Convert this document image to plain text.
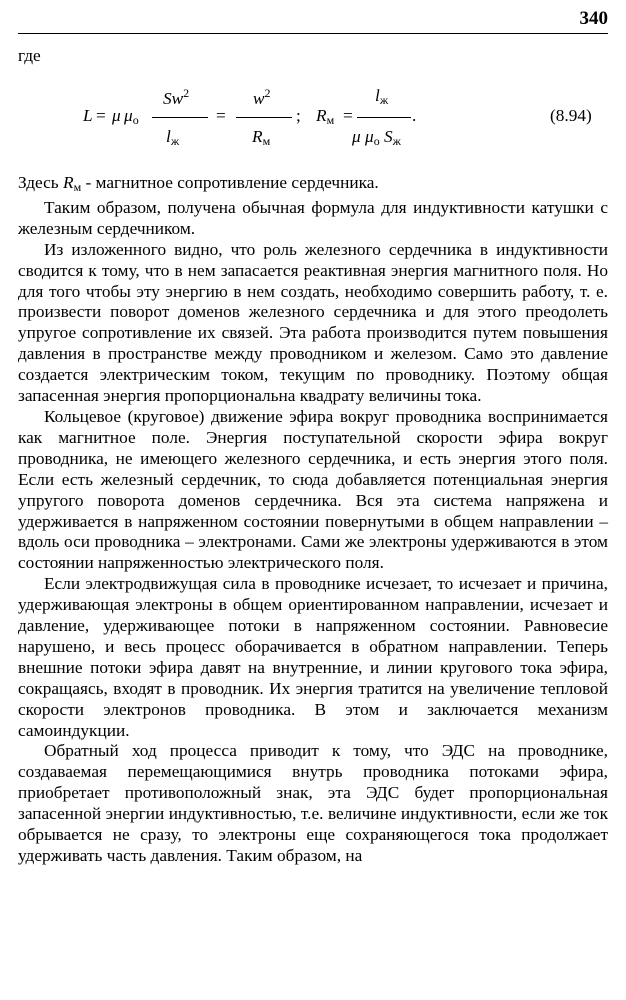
340
где
L = μ $\mu_о$
Sw$^2$
$l_ж$
=
$w^2$
$R_м$
; $R_м$ =
$l_ж$
μ $\mu_о$ $S_ж$
.	(8.94)

Здесь $R_м$ - магнитное сопротивление сердечника.

Таким образом, получена обычная формула для индуктивности катушки с железным сердечником.

Из изложенного видно, что роль железного сердечника в индуктивности сводится к тому, что в нем запасается реактивная энергия магнитного поля. Но для того чтобы эту энергию в нем создать, необходимо совершить работу, т. е. произвести поворот доменов железного сердечника и для этого преодолеть упругое сопротивление их связей. Эта работа производится путем повышения давления в пространстве между проводником и железом. Само это давление создается электрическим током, текущим по проводнику. Поэтому общая запасенная энергия пропорциональна квадрату величины тока.

Кольцевое (круговое) движение эфира вокруг проводника воспринимается как магнитное поле. Энергия поступательной скорости эфира вокруг проводника, не имеющего железного сердечника, и есть энергия этого поля. Если есть железный сердечник, то сюда добавляется потенциальная энергия упругого поворота доменов сердечника. Вся эта система напряжена и удерживается в напряженном состоянии повернутыми в общем направлении – вдоль оси проводника – электронами. Сами же электроны удерживаются в этом состоянии напряженностью электрического поля.

Если электродвижущая сила в проводнике исчезает, то исчезает и причина, удерживающая электроны в общем ориентированном направлении, исчезает и давление, удерживающее потоки в напряженном состоянии. Равновесие нарушено, и весь процесс оборачивается в обратном направлении. Теперь внешние потоки эфира давят на внутренние, и линии кругового тока эфира, сокращаясь, входят в проводник. Их энергия тратится на увеличение тепловой скорости электронов проводника. В этом и заключается механизм самоиндукции.

Обратный ход процесса приводит к тому, что ЭДС на проводнике, создаваемая перемещающимися внутрь проводника потоками эфира, приобретает противоположный знак, эта ЭДС будет пропорциональная запасенной энергии индуктивностью, т.е. величине индуктивности, если же ток обрывается не сразу, то электроны еще сохраняющегося тока продолжает удерживать часть давления. Таким образом, на
